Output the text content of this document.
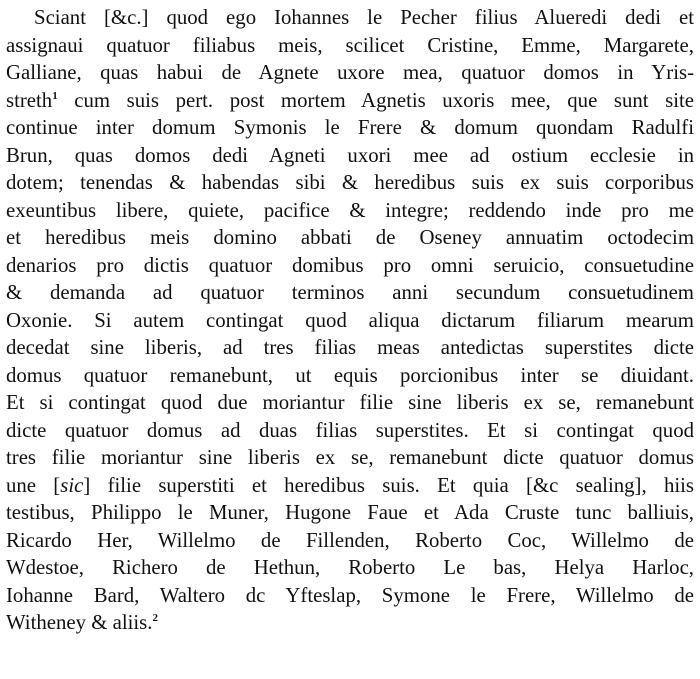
Sciant [&c.] quod ego Iohannes le Pecher filius Alueredi dedi et
assignaui quatuor filiabus meis, scilicet Cristine, Emme, Margarete,
Galliane, quas habui de Agnete uxore mea, quatuor domos in Yris-
streth$^1$ cum suis pert. post mortem Agnetis uxoris mee, que sunt site
continue inter domum Symonis le Frere & domum quondam Radulfi
Brun, quas domos dedi Agneti uxori mee ad ostium ecclesie in
dotem; tenendas & habendas sibi & heredibus suis ex suis corporibus
exeuntibus libere, quiete, pacifice & integre; reddendo inde pro me
et heredibus meis domino abbati de Oseney annuatim octodecim
denarios pro dictis quatuor domibus pro omni seruicio, consuetudine
& demanda ad quatuor terminos anni secundum consuetudinem
Oxonie. Si autem contingat quod aliqua dictarum filiarum mearum
decedat sine liberis, ad tres filias meas antedictas superstites dicte
domus quatuor remanebunt, ut equis porcionibus inter se diuidant.
Et si contingat quod due moriantur filie sine liberis ex se, remanebunt
dicte quatuor domus ad duas filias superstites. Et si contingat quod
tres filie moriantur sine liberis ex se, remanebunt dicte quatuor domus
une [sic] filie superstiti et heredibus suis. Et quia [&c sealing], hiis
testibus, Philippo le Muner, Hugone Faue et Ada Cruste tunc balliuis,
Ricardo Her, Willelmo de Fillenden, Roberto Coc, Willelmo de
Wdestoe, Richero de Hethun, Roberto Le bas, Helya Harloc,
Iohanne Bard, Waltero dc Yfteslap, Symone le Frere, Willelmo de
Witheney & aliis.$^2$
